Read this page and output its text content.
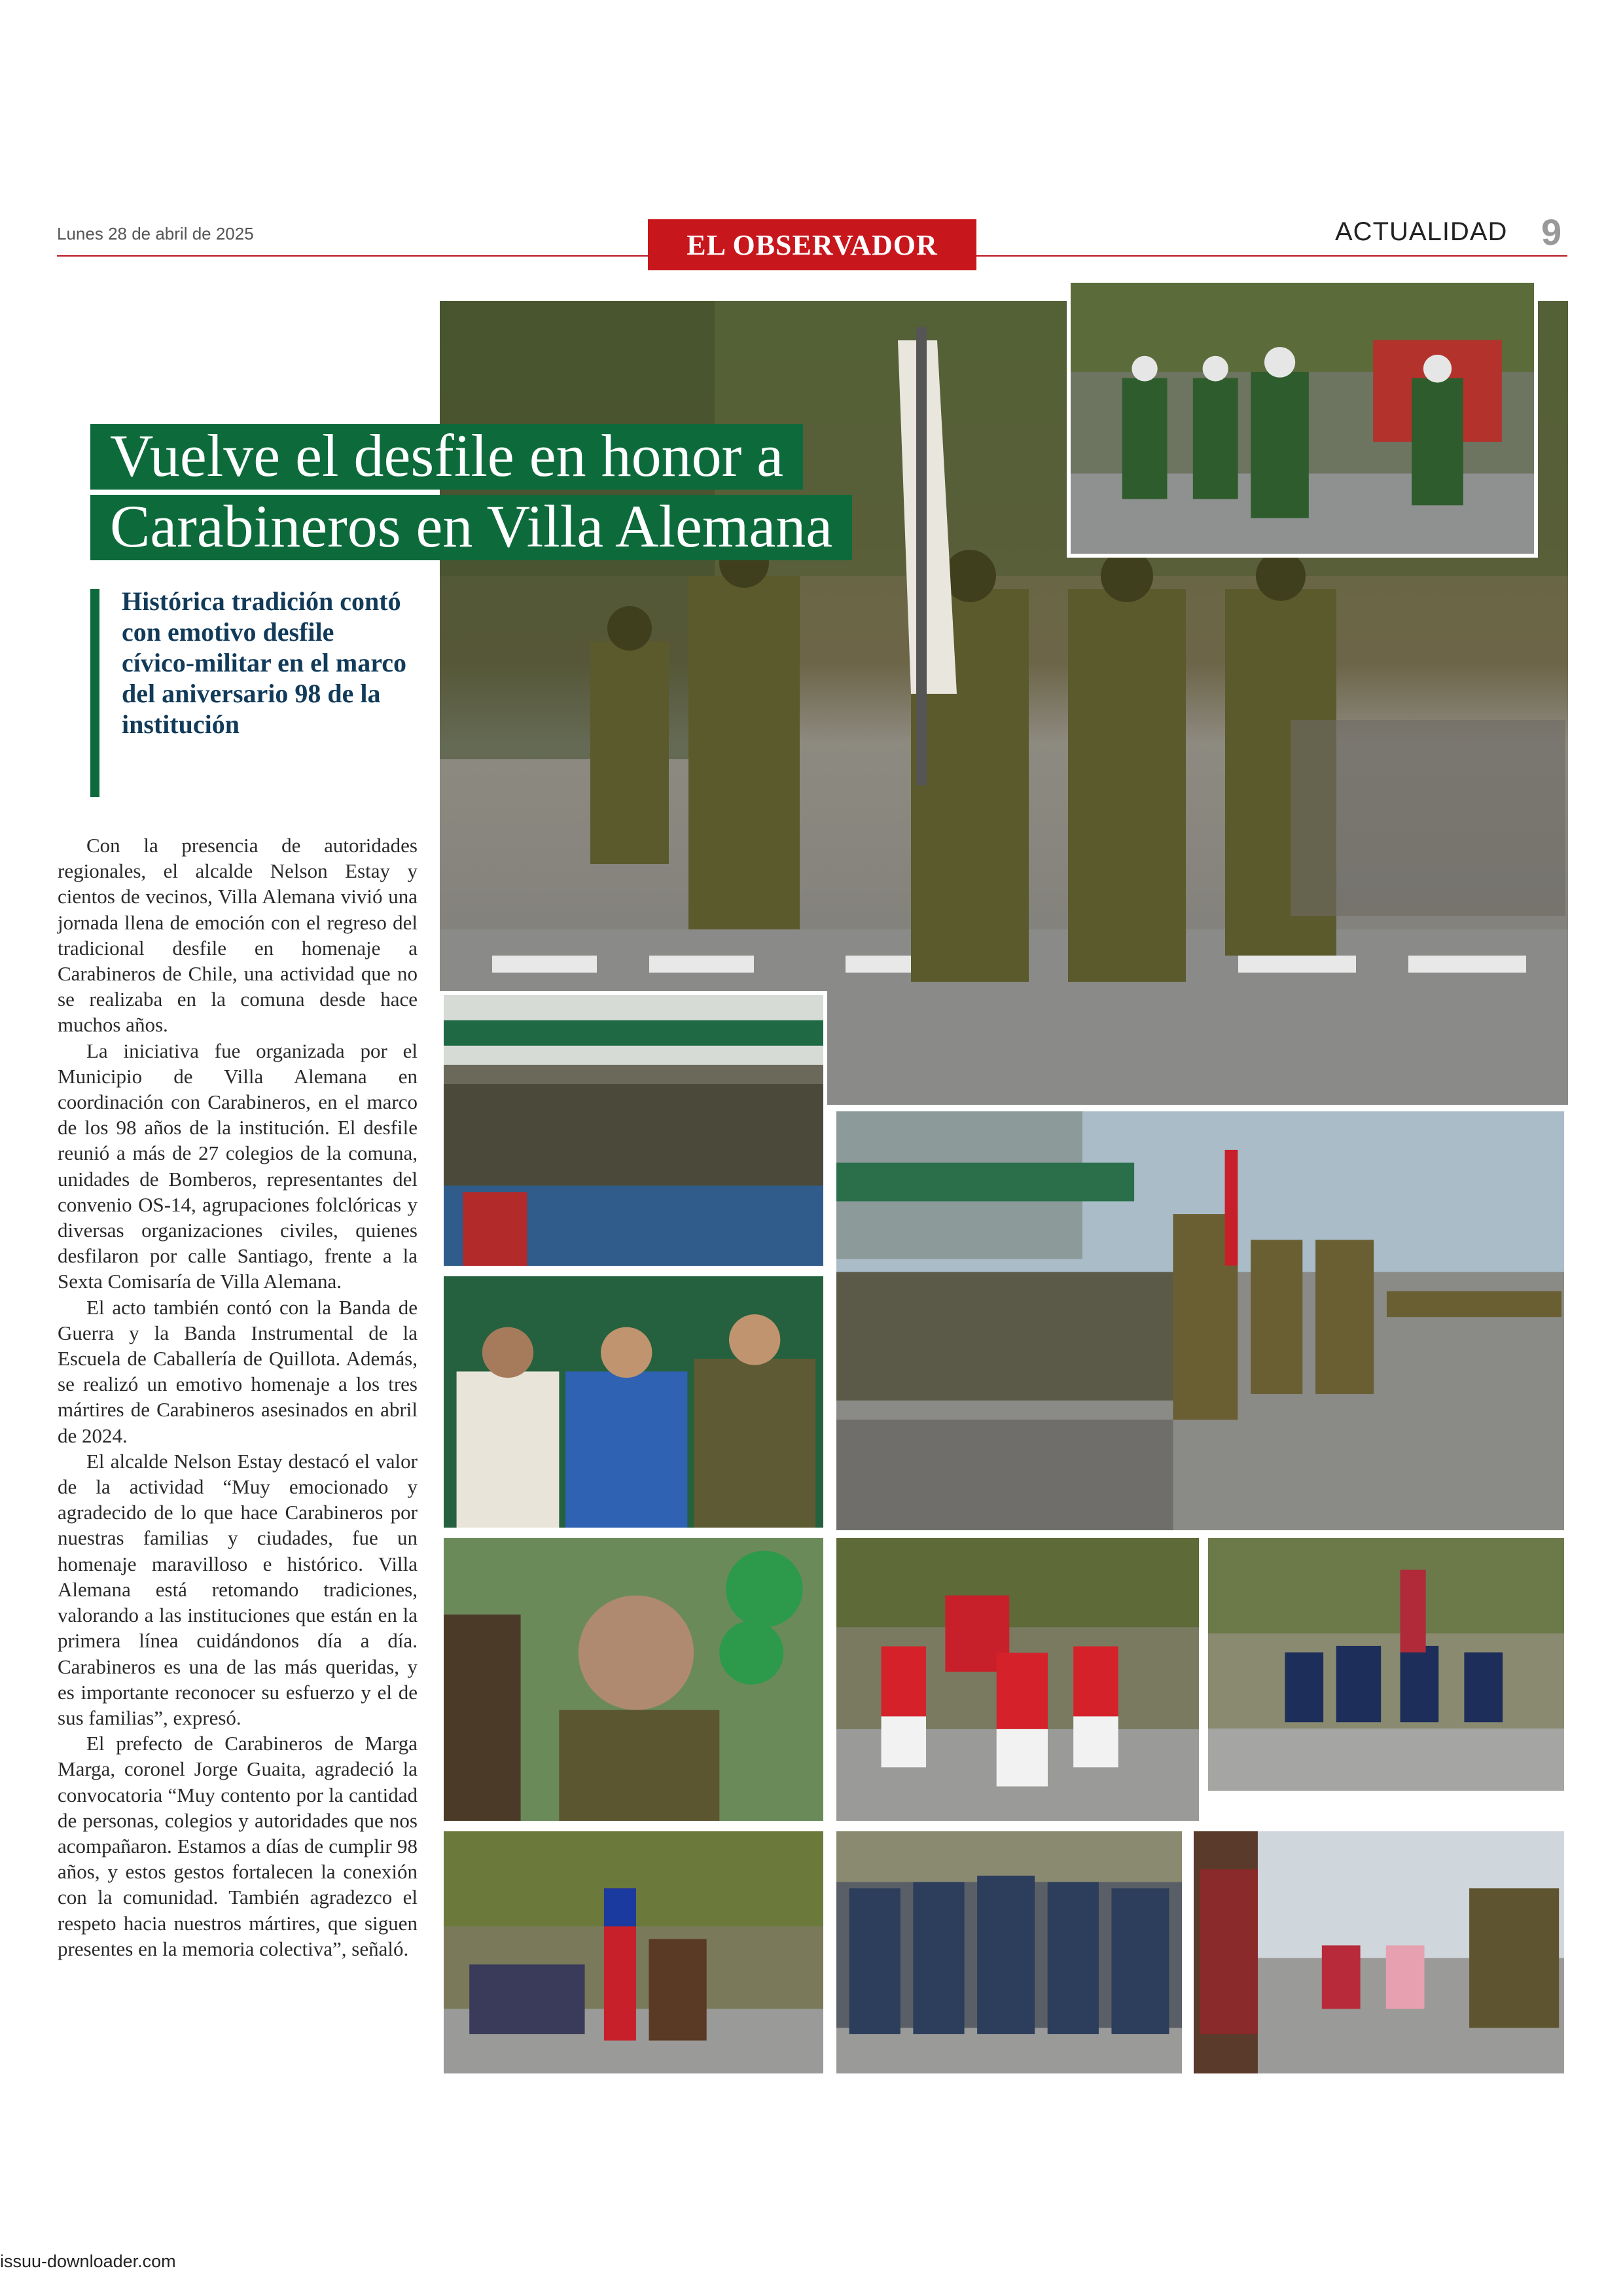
Lunes 28 de abril de 2025	EL OBSERVADOR	ACTUALIDAD 9
Vuelve el desfile en honor a
Carabineros en Villa Alemana
Histórica tradición contó con emotivo desfile cívico-militar en el marco del aniversario 98 de la institución

Con la presencia de autoridades regionales, el alcalde Nelson Estay y cientos de vecinos, Villa Alemana vivió una jornada llena de emoción con el regreso del tradicional desfile en homenaje a Carabineros de Chile, una actividad que no se realizaba en la comuna desde hace muchos años.

La iniciativa fue organizada por el Municipio de Villa Alemana en coordinación con Carabineros, en el marco de los 98 años de la institución. El desfile reunió a más de 27 colegios de la comuna, unidades de Bomberos, representantes del convenio OS-14, agrupaciones folclóricas y diversas organizaciones civiles, quienes desfilaron por calle Santiago, frente a la Sexta Comisaría de Villa Alemana.

El acto también contó con la Banda de Guerra y la Banda Instrumental de la Escuela de Caballería de Quillota. Además, se realizó un emotivo homenaje a los tres mártires de Carabineros asesinados en abril de 2024.

El alcalde Nelson Estay destacó el valor de la actividad “Muy emocionado y agradecido de lo que hace Carabineros por nuestras familias y ciudades, fue un homenaje maravilloso e histórico. Villa Alemana está retomando tradiciones, valorando a las instituciones que están en la primera línea cuidándonos día a día. Carabineros es una de las más queridas, y es importante reconocer su esfuerzo y el de sus familias”, expresó.

El prefecto de Carabineros de Marga Marga, coronel Jorge Guaita, agradeció la convocatoria “Muy contento por la cantidad de personas, colegios y autoridades que nos acompañaron. Estamos a días de cumplir 98 años, y estos gestos fortalecen la conexión con la comunidad. También agradezco el respeto hacia nuestros mártires, que siguen presentes en la memoria colectiva”, señaló.

issuu-downloader.com
